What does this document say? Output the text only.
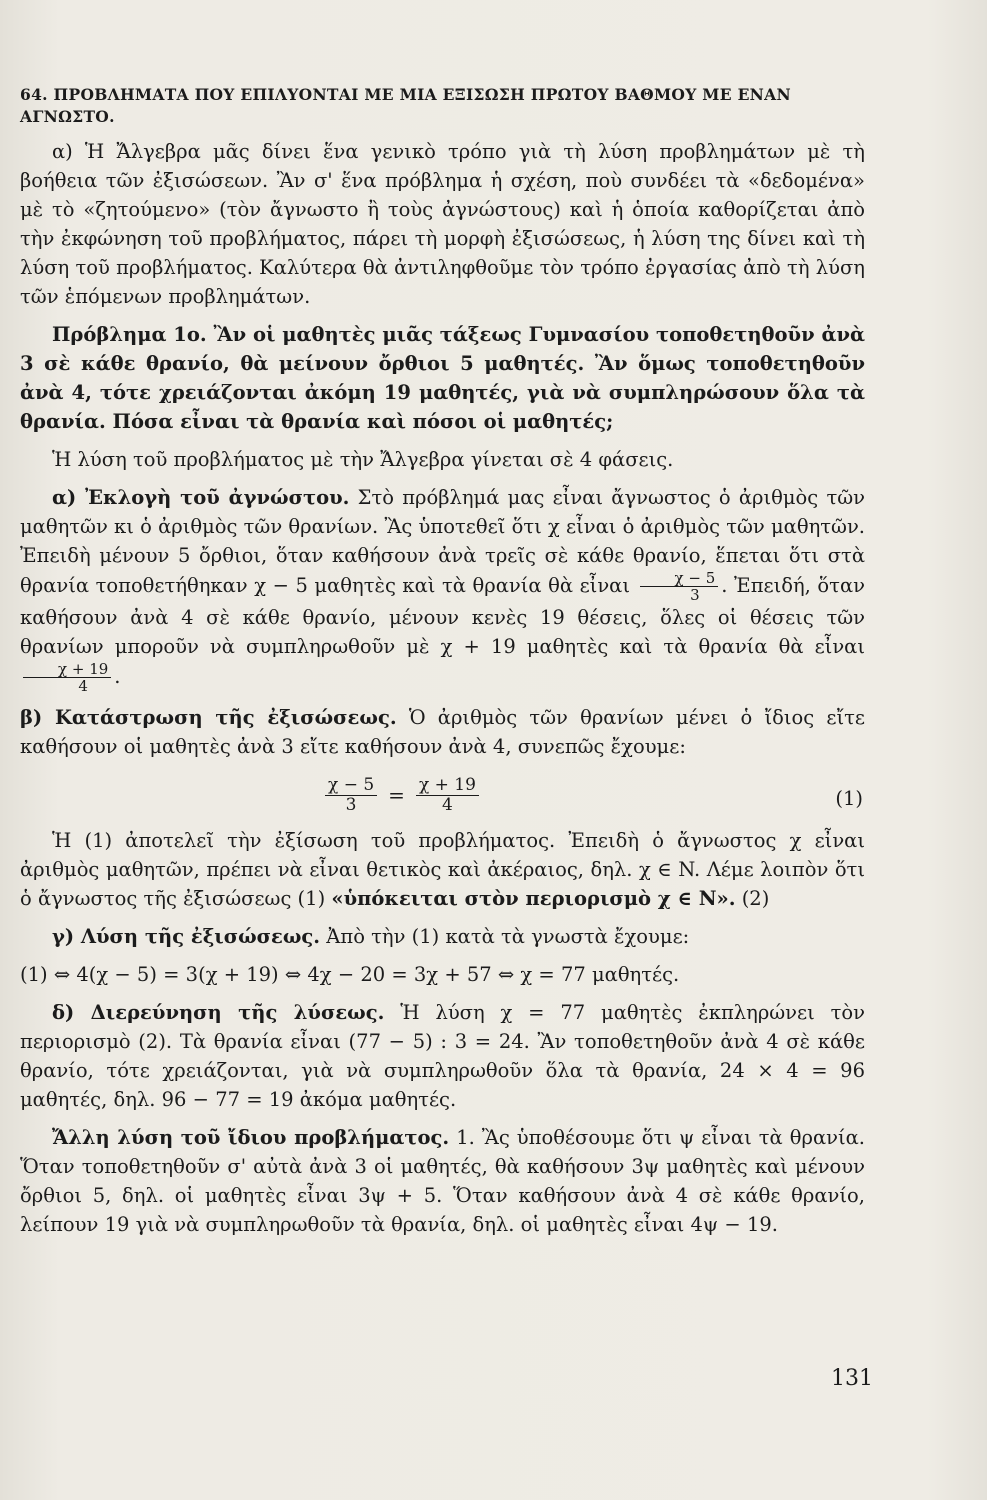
64. ΠΡΟΒΛΗΜΑΤΑ ΠΟΥ ΕΠΙΛΥΟΝΤΑΙ ΜΕ ΜΙΑ ΕΞΙΣΩΣΗ ΠΡΩΤΟΥ ΒΑΘΜΟΥ ΜΕ ΕΝΑΝ ΑΓΝΩΣΤΟ.
α) Ἡ Ἄλγεβρα μᾶς δίνει ἕνα γενικὸ τρόπο γιὰ τὴ λύση προβλημάτων μὲ τὴ βοήθεια τῶν ἐξισώσεων. Ἂν σ' ἕνα πρόβλημα ἡ σχέση, ποὺ συνδέει τὰ «δεδομένα» μὲ τὸ «ζητούμενο» (τὸν ἄγνωστο ἢ τοὺς ἀγνώστους) καὶ ἡ ὁποία καθορίζεται ἀπὸ τὴν ἐκφώνηση τοῦ προβλήματος, πάρει τὴ μορφὴ ἐξισώσεως, ἡ λύση της δίνει καὶ τὴ λύση τοῦ προβλήματος. Καλύτερα θὰ ἀντιληφθοῦμε τὸν τρόπο ἐργασίας ἀπὸ τὴ λύση τῶν ἑπόμενων προβλημάτων.
Πρόβλημα 1ο. Ἂν οἱ μαθητὲς μιᾶς τάξεως Γυμνασίου τοποθετηθοῦν ἀνὰ 3 σὲ κάθε θρανίο, θὰ μείνουν ὄρθιοι 5 μαθητές. Ἂν ὅμως τοποθετηθοῦν ἀνὰ 4, τότε χρειάζονται ἀκόμη 19 μαθητές, γιὰ νὰ συμπληρώσουν ὅλα τὰ θρανία. Πόσα εἶναι τὰ θρανία καὶ πόσοι οἱ μαθητές;
Ἡ λύση τοῦ προβλήματος μὲ τὴν Ἄλγεβρα γίνεται σὲ 4 φάσεις.
α) Ἐκλογὴ τοῦ ἀγνώστου. Στὸ πρόβλημά μας εἶναι ἄγνωστος ὁ ἀριθμὸς τῶν μαθητῶν κι ὁ ἀριθμὸς τῶν θρανίων. Ἂς ὑποτεθεῖ ὅτι χ εἶναι ὁ ἀριθμὸς τῶν μαθητῶν. Ἐπειδὴ μένουν 5 ὄρθιοι, ὅταν καθήσουν ἀνὰ τρεῖς σὲ κάθε θρανίο, ἕπεται ὅτι στὰ θρανία τοποθετήθηκαν χ − 5 μαθητὲς καὶ τὰ θρανία θὰ εἶναι $\frac{\chi - 5}{3}$ . Ἐπειδή, ὅταν καθήσουν ἀνὰ 4 σὲ κάθε θρανίο, μένουν κενὲς 19 θέσεις, ὅλες οἱ θέσεις τῶν θρανίων μποροῦν νὰ συμπληρωθοῦν μὲ χ + 19 μαθητὲς καὶ τὰ θρανία θὰ εἶναι
$\frac{\chi + 19}{4}$ .
β) Κατάστρωση τῆς ἐξισώσεως. Ὁ ἀριθμὸς τῶν θρανίων μένει ὁ ἴδιος εἴτε καθήσουν οἱ μαθητὲς ἀνὰ 3 εἴτε καθήσουν ἀνὰ 4, συνεπῶς ἔχουμε:
$\frac{\chi - 5}{3} = \frac{\chi + 19}{4}$	(1)
Ἡ (1) ἀποτελεῖ τὴν ἐξίσωση τοῦ προβλήματος. Ἐπειδὴ ὁ ἄγνωστος χ εἶναι ἀριθμὸς μαθητῶν, πρέπει νὰ εἶναι θετικὸς καὶ ἀκέραιος, δηλ. χ ∈ N. Λέμε λοιπὸν ὅτι ὁ ἄγνωστος τῆς ἐξισώσεως (1) «ὑπόκειται στὸν περιορισμὸ χ ∈ N». (2)
γ) Λύση τῆς ἐξισώσεως. Ἀπὸ τὴν (1) κατὰ τὰ γνωστὰ ἔχουμε:
(1) ⇔ 4(χ − 5) = 3(χ + 19) ⇔ 4χ − 20 = 3χ + 57 ⇔ χ = 77 μαθητές.
δ) Διερεύνηση τῆς λύσεως. Ἡ λύση χ = 77 μαθητὲς ἐκπληρώνει τὸν περιορισμὸ (2). Τὰ θρανία εἶναι (77 − 5) : 3 = 24. Ἂν τοποθετηθοῦν ἀνὰ 4 σὲ κάθε θρανίο, τότε χρειάζονται, γιὰ νὰ συμπληρωθοῦν ὅλα τὰ θρανία, 24 × 4 = 96 μαθητές, δηλ. 96 − 77 = 19 ἀκόμα μαθητές.
Ἄλλη λύση τοῦ ἴδιου προβλήματος. 1. Ἂς ὑποθέσουμε ὅτι ψ εἶναι τὰ θρανία. Ὅταν τοποθετηθοῦν σ' αὐτὰ ἀνὰ 3 οἱ μαθητές, θὰ καθήσουν 3ψ μαθητὲς καὶ μένουν ὄρθιοι 5, δηλ. οἱ μαθητὲς εἶναι 3ψ + 5. Ὅταν καθήσουν ἀνὰ 4 σὲ κάθε θρανίο, λείπουν 19 γιὰ νὰ συμπληρωθοῦν τὰ θρανία, δηλ. οἱ μαθητὲς εἶναι 4ψ − 19.
131
